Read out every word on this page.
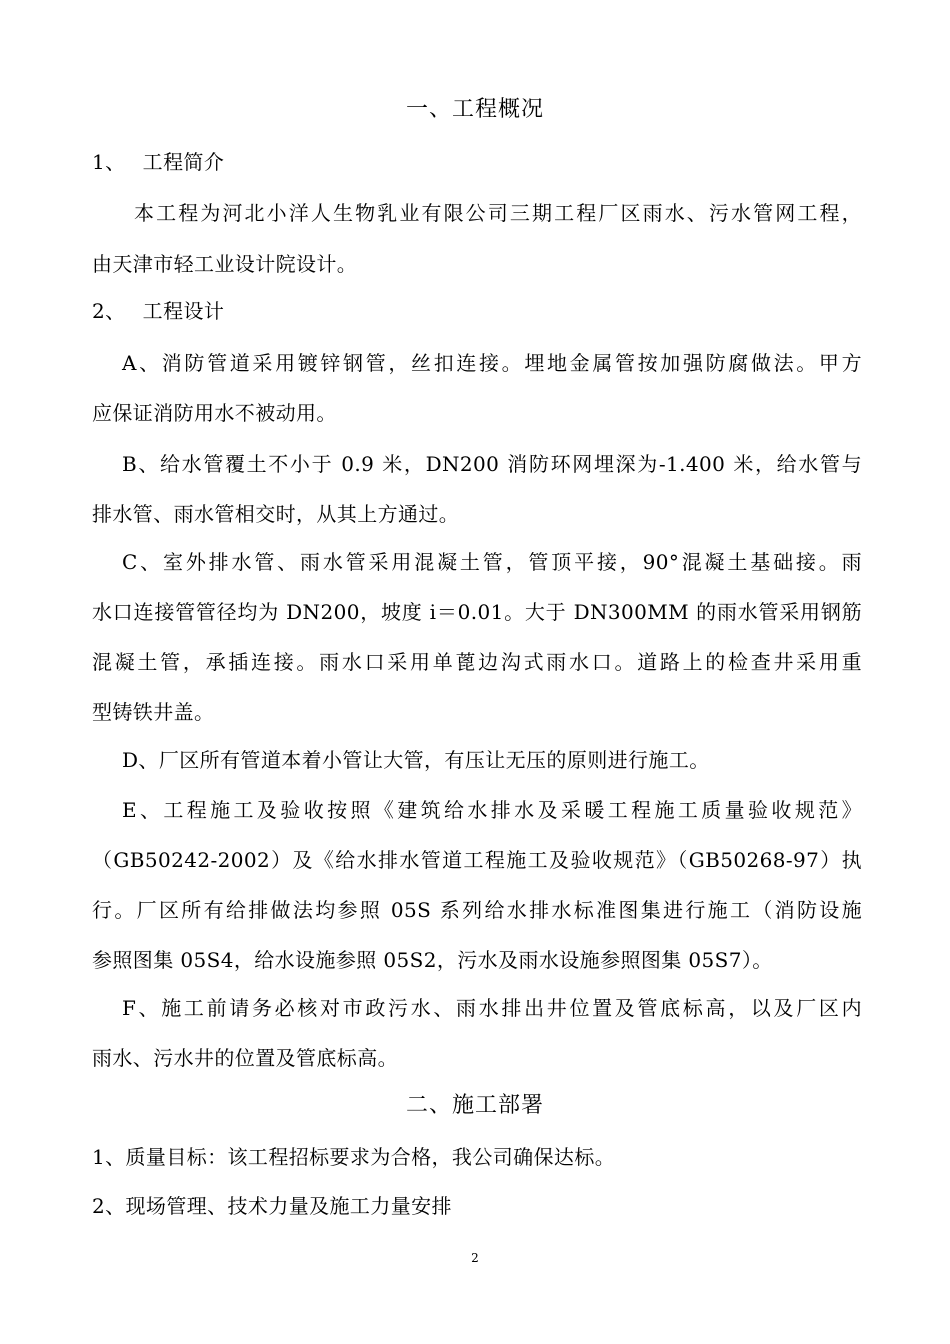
一、工程概况
1、　 工程简介
本工程为河北小洋人生物乳业有限公司三期工程厂区雨水、污水管网工程，
由天津市轻工业设计院设计。
2、　 工程设计
A、消防管道采用镀锌钢管，丝扣连接。埋地金属管按加强防腐做法。甲方
应保证消防用水不被动用。
B、给水管覆土不小于 0.9 米，DN200 消防环网埋深为-1.400 米，给水管与
排水管、雨水管相交时，从其上方通过。
C、室外排水管、雨水管采用混凝土管，管顶平接，90°混凝土基础接。雨
水口连接管管径均为 DN200，坡度 i＝0.01。大于 DN300MM 的雨水管采用钢筋
混凝土管，承插连接。雨水口采用单蓖边沟式雨水口。道路上的检查井采用重
型铸铁井盖。
D、厂区所有管道本着小管让大管，有压让无压的原则进行施工。
E、工程施工及验收按照《建筑给水排水及采暖工程施工质量验收规范》
（GB50242-2002）及《给水排水管道工程施工及验收规范》（GB50268-97）执
行。厂区所有给排做法均参照 05S 系列给水排水标准图集进行施工（消防设施
参照图集 05S4，给水设施参照 05S2，污水及雨水设施参照图集 05S7）。
F、施工前请务必核对市政污水、雨水排出井位置及管底标高，以及厂区内
雨水、污水井的位置及管底标高。
二、施工部署
1、质量目标：该工程招标要求为合格，我公司确保达标。
2、现场管理、技术力量及施工力量安排
2
